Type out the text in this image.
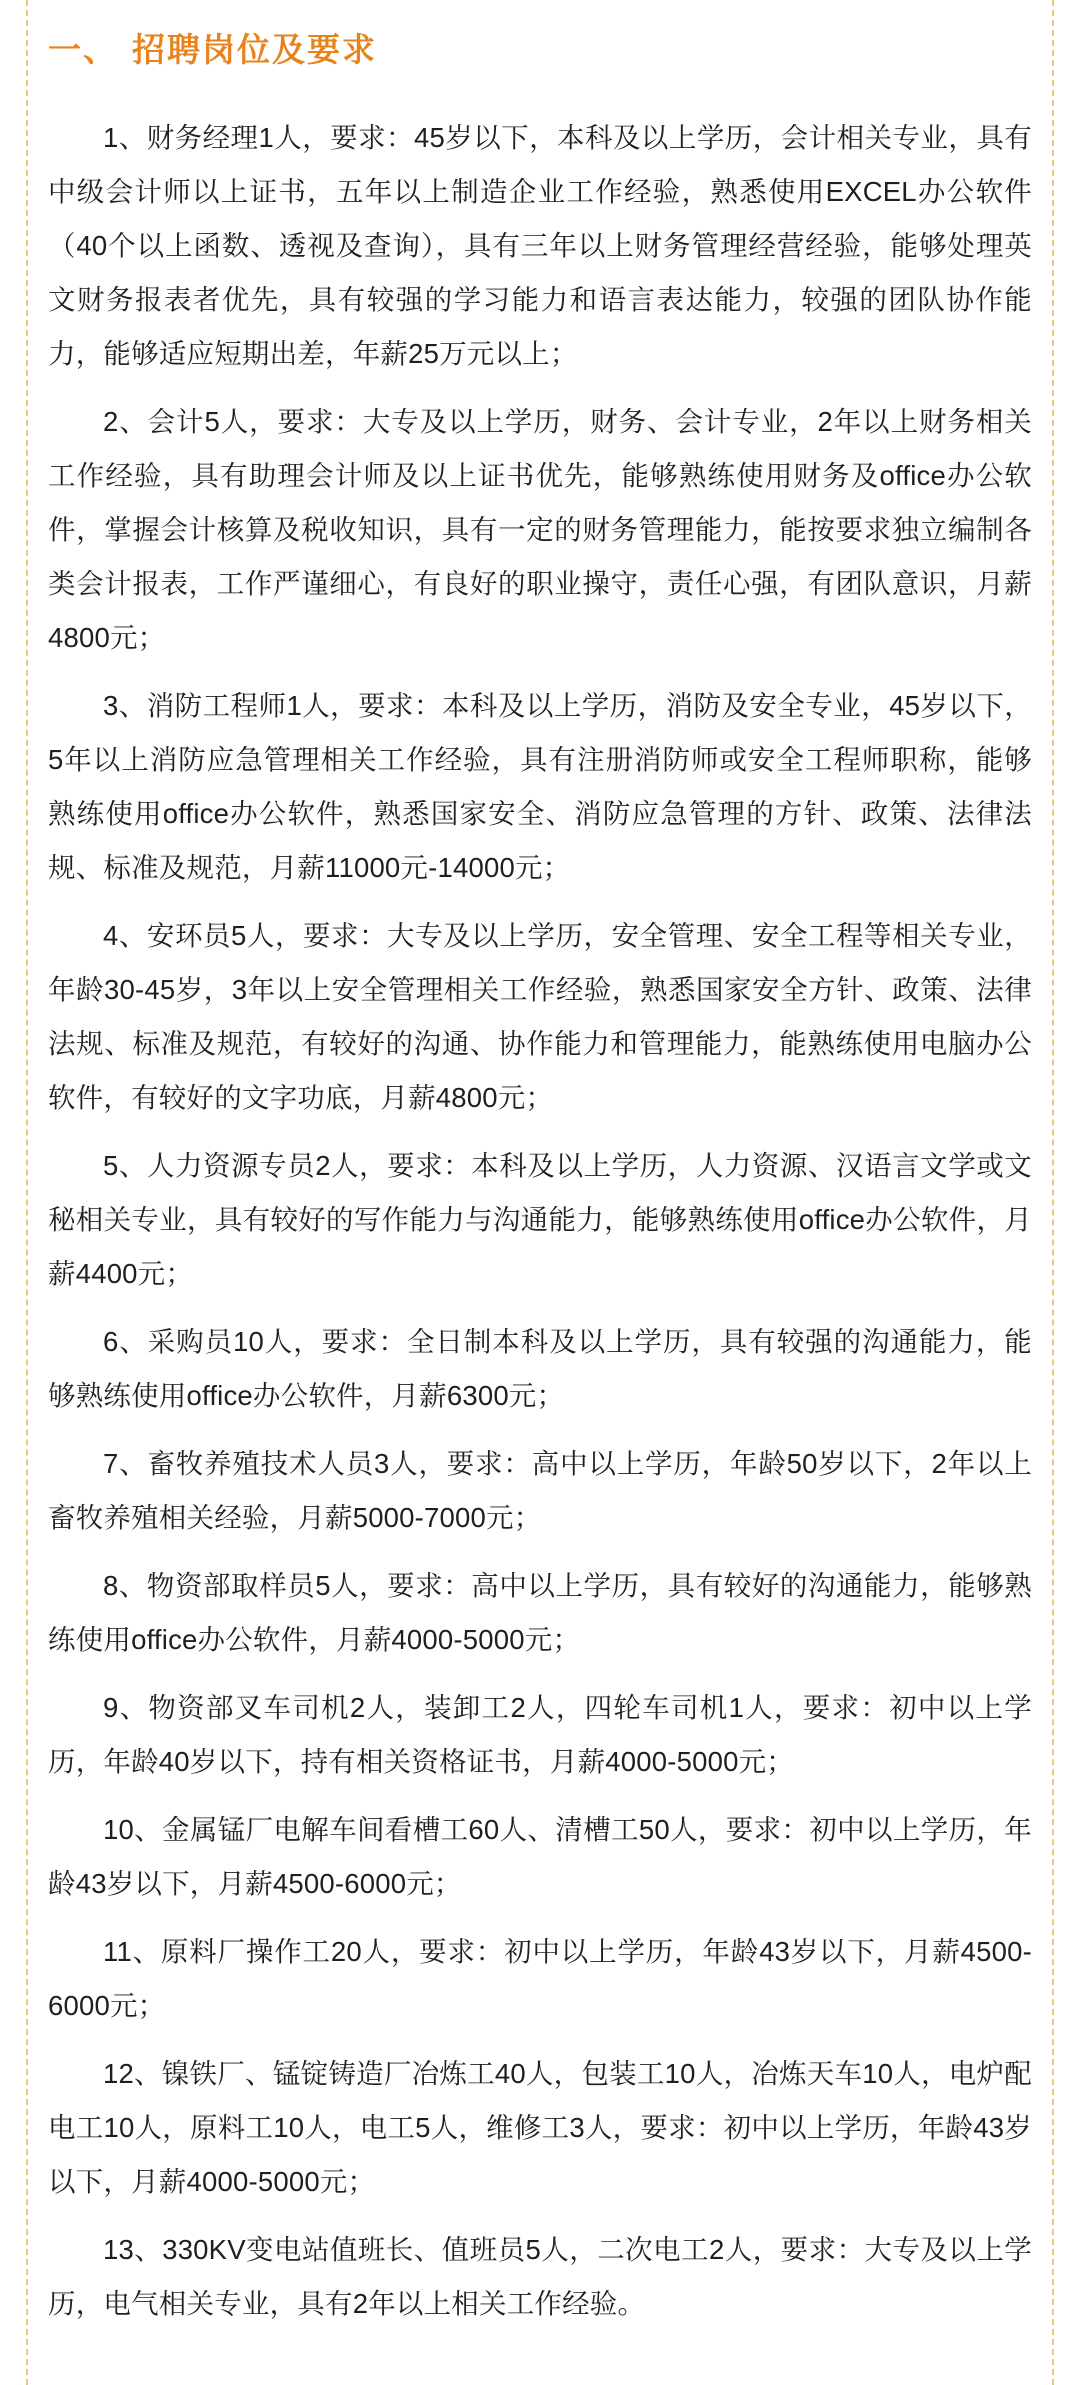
一、 招聘岗位及要求

1、财务经理1人，要求：45岁以下，本科及以上学历，会计相关专业，具有中级会计师以上证书，五年以上制造企业工作经验，熟悉使用EXCEL办公软件（40个以上函数、透视及查询），具有三年以上财务管理经营经验，能够处理英文财务报表者优先，具有较强的学习能力和语言表达能力，较强的团队协作能力，能够适应短期出差，年薪25万元以上；

2、会计5人，要求：大专及以上学历，财务、会计专业，2年以上财务相关工作经验，具有助理会计师及以上证书优先，能够熟练使用财务及office办公软件，掌握会计核算及税收知识，具有一定的财务管理能力，能按要求独立编制各类会计报表，工作严谨细心，有良好的职业操守，责任心强，有团队意识，月薪4800元；

3、消防工程师1人，要求：本科及以上学历，消防及安全专业，45岁以下，5年以上消防应急管理相关工作经验，具有注册消防师或安全工程师职称，能够熟练使用office办公软件，熟悉国家安全、消防应急管理的方针、政策、法律法规、标准及规范，月薪11000元-14000元；

4、安环员5人，要求：大专及以上学历，安全管理、安全工程等相关专业，年龄30-45岁，3年以上安全管理相关工作经验，熟悉国家安全方针、政策、法律法规、标准及规范，有较好的沟通、协作能力和管理能力，能熟练使用电脑办公软件，有较好的文字功底，月薪4800元；

5、人力资源专员2人，要求：本科及以上学历，人力资源、汉语言文学或文秘相关专业，具有较好的写作能力与沟通能力，能够熟练使用office办公软件，月薪4400元；

6、采购员10人，要求：全日制本科及以上学历，具有较强的沟通能力，能够熟练使用office办公软件，月薪6300元；

7、畜牧养殖技术人员3人，要求：高中以上学历，年龄50岁以下，2年以上畜牧养殖相关经验，月薪5000-7000元；

8、物资部取样员5人，要求：高中以上学历，具有较好的沟通能力，能够熟练使用office办公软件，月薪4000-5000元；

9、物资部叉车司机2人，装卸工2人，四轮车司机1人，要求：初中以上学历，年龄40岁以下，持有相关资格证书，月薪4000-5000元；

10、金属锰厂电解车间看槽工60人、清槽工50人，要求：初中以上学历，年龄43岁以下，月薪4500-6000元；

11、原料厂操作工20人，要求：初中以上学历，年龄43岁以下，月薪4500-6000元；

12、镍铁厂、锰锭铸造厂冶炼工40人，包装工10人，冶炼天车10人，电炉配电工10人，原料工10人，电工5人，维修工3人，要求：初中以上学历，年龄43岁以下，月薪4000-5000元；

13、330KV变电站值班长、值班员5人，二次电工2人，要求：大专及以上学历，电气相关专业，具有2年以上相关工作经验。
